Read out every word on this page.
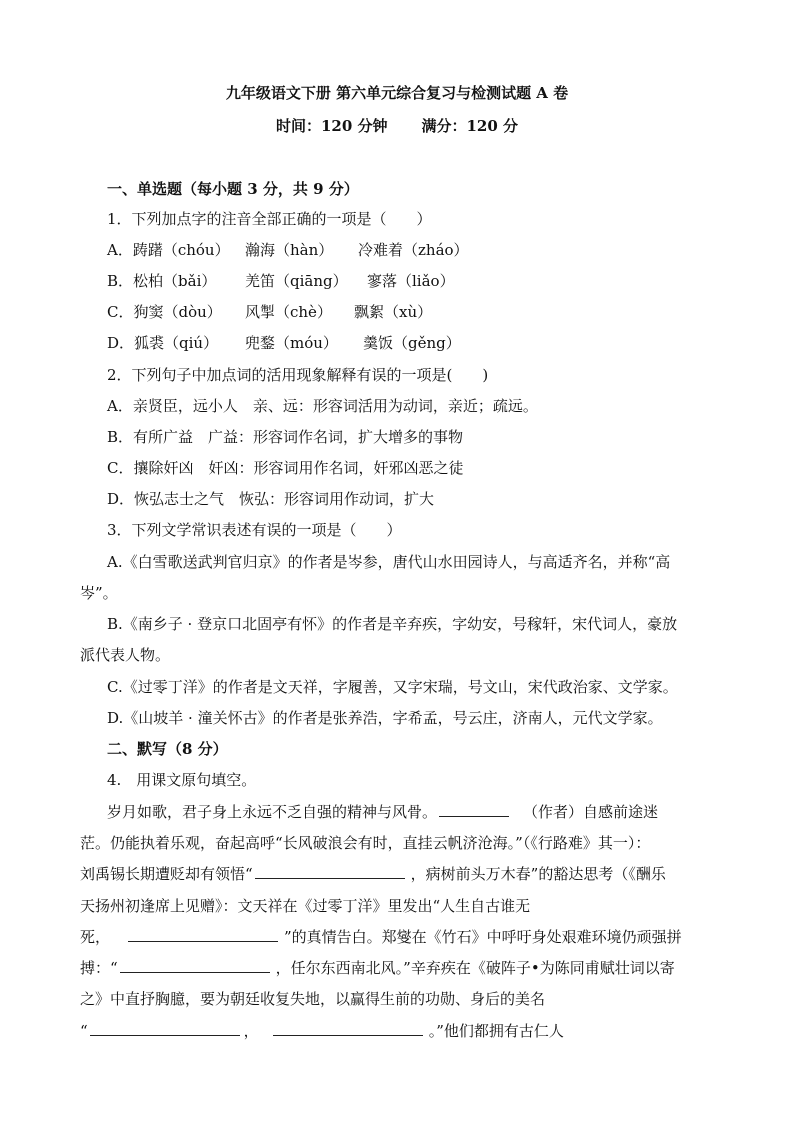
九年级语文下册 第六单元综合复习与检测试题 A 卷
时间：120 分钟 满分：120 分
一、单选题（每小题 3 分，共 9 分）
1．下列加点字的注音全部正确的一项是（　　）
A．踌躇（chóu） 瀚海（hàn） 冷难着（zháo）
B．松柏（bǎi） 羌笛（qiāng） 寥落（liǎo）
C．狗窦（dòu） 风掣（chè） 飘絮（xù）
D．狐裘（qiú） 兜鍪（móu） 羹饭（gěng）
2．下列句子中加点词的活用现象解释有误的一项是(　　)
A．亲贤臣，远小人　亲、远：形容词活用为动词，亲近；疏远。
B．有所广益　广益：形容词作名词，扩大增多的事物
C．攘除奸凶　奸凶：形容词用作名词，奸邪凶恶之徒
D．恢弘志士之气　恢弘：形容词用作动词，扩大
3．下列文学常识表述有误的一项是（　　）
A.《白雪歌送武判官归京》的作者是岑参，唐代山水田园诗人，与高适齐名，并称“高
岑”。
B.《南乡子 · 登京口北固亭有怀》的作者是辛弃疾，字幼安，号稼轩，宋代词人，豪放
派代表人物。
C.《过零丁洋》的作者是文天祥，字履善，又字宋瑞，号文山，宋代政治家、文学家。
D.《山坡羊 · 潼关怀古》的作者是张养浩，字希孟，号云庄，济南人，元代文学家。
二、默写（8 分）
4.　用课文原句填空。
岁月如歌，君子身上永远不乏自强的精神与风骨。	（作者）自感前途迷
茫。仍能执着乐观，奋起高呼“长风破浪会有时，直挂云帆济沧海。”（《行路难》其一）：
刘禹锡长期遭贬却有领悟“	，病树前头万木春”的豁达思考（《酬乐
天扬州初逢席上见赠》：文天祥在《过零丁洋》里发出“人生自古谁无
死，	”的真情告白。郑燮在《竹石》中呼吁身处艰难环境仍顽强拼
搏：“	，任尔东西南北风。”辛弃疾在《破阵子•为陈同甫赋壮词以寄
之》中直抒胸臆，要为朝廷收复失地，以赢得生前的功勋、身后的美名
“	，	。”他们都拥有古仁人
